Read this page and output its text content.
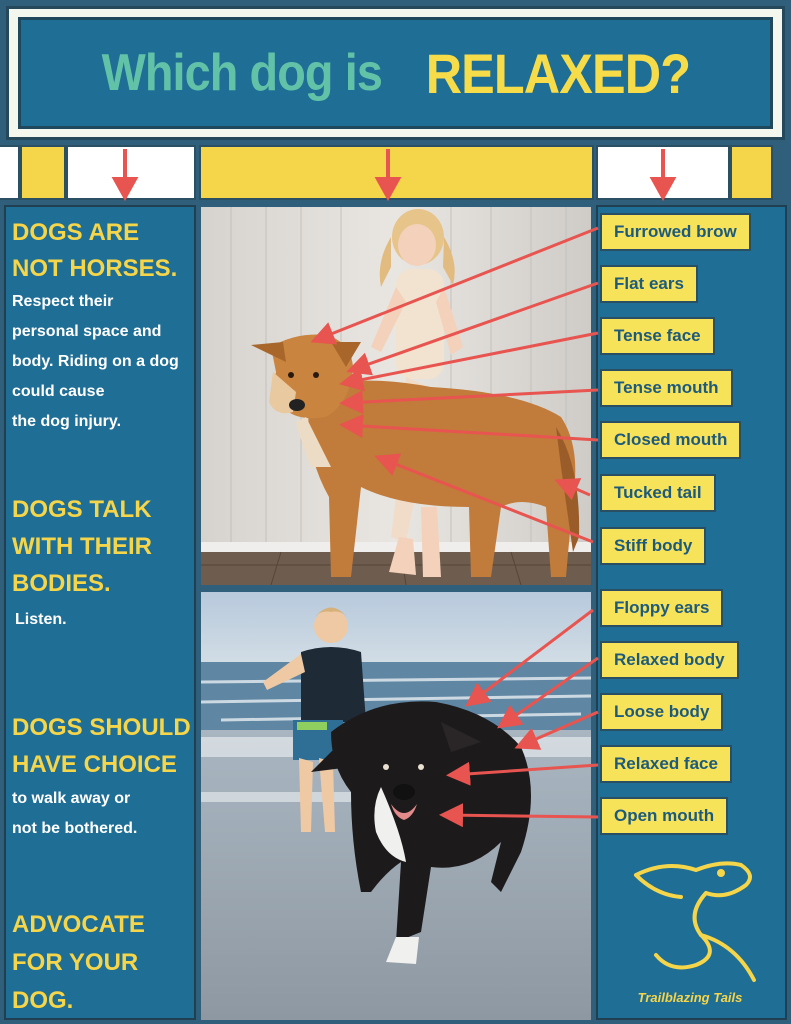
Which dog is RELAXED?
DOGS ARE
NOT HORSES.
Respect their
personal space and
body. Riding on a dog
could cause
the dog injury.
DOGS TALK
WITH THEIR
BODIES.
Listen.
DOGS SHOULD
HAVE CHOICE
to walk away or
not be bothered.
ADVOCATE
FOR YOUR
DOG.
Furrowed brow
Flat ears
Tense face
Tense mouth
Closed mouth
Tucked tail
Stiff body
Floppy ears
Relaxed body
Loose body
Relaxed face
Open mouth
Trailblazing Tails
